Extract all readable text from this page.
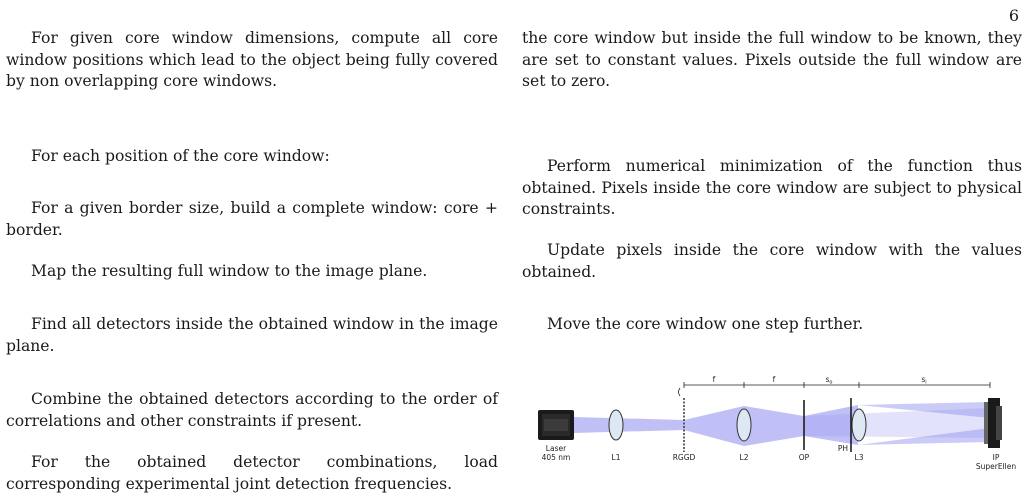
6

For given core window dimensions, compute all core window positions which lead to the object being fully covered by non overlapping core windows.

For each position of the core window:

For a given border size, build a complete window: core + border.

Map the resulting full window to the image plane.

Find all detectors inside the obtained window in the image plane.

Combine the obtained detectors according to the order of correlations and other constraints if present.

For the obtained detector combinations, load corresponding experimental joint detection frequencies.

the core window but inside the full window to be known, they are set to constant values. Pixels outside the full window are set to zero.

Perform numerical minimization of the function thus obtained. Pixels inside the core window are subject to physical constraints.

Update pixels inside the core window with the values obtained.

Move the core window one step further.

f	f	$s_o$	$s_i$
Laser
405 nm	L1	RGGD	L2	OP
PH
L3	IP
SuperEllen
